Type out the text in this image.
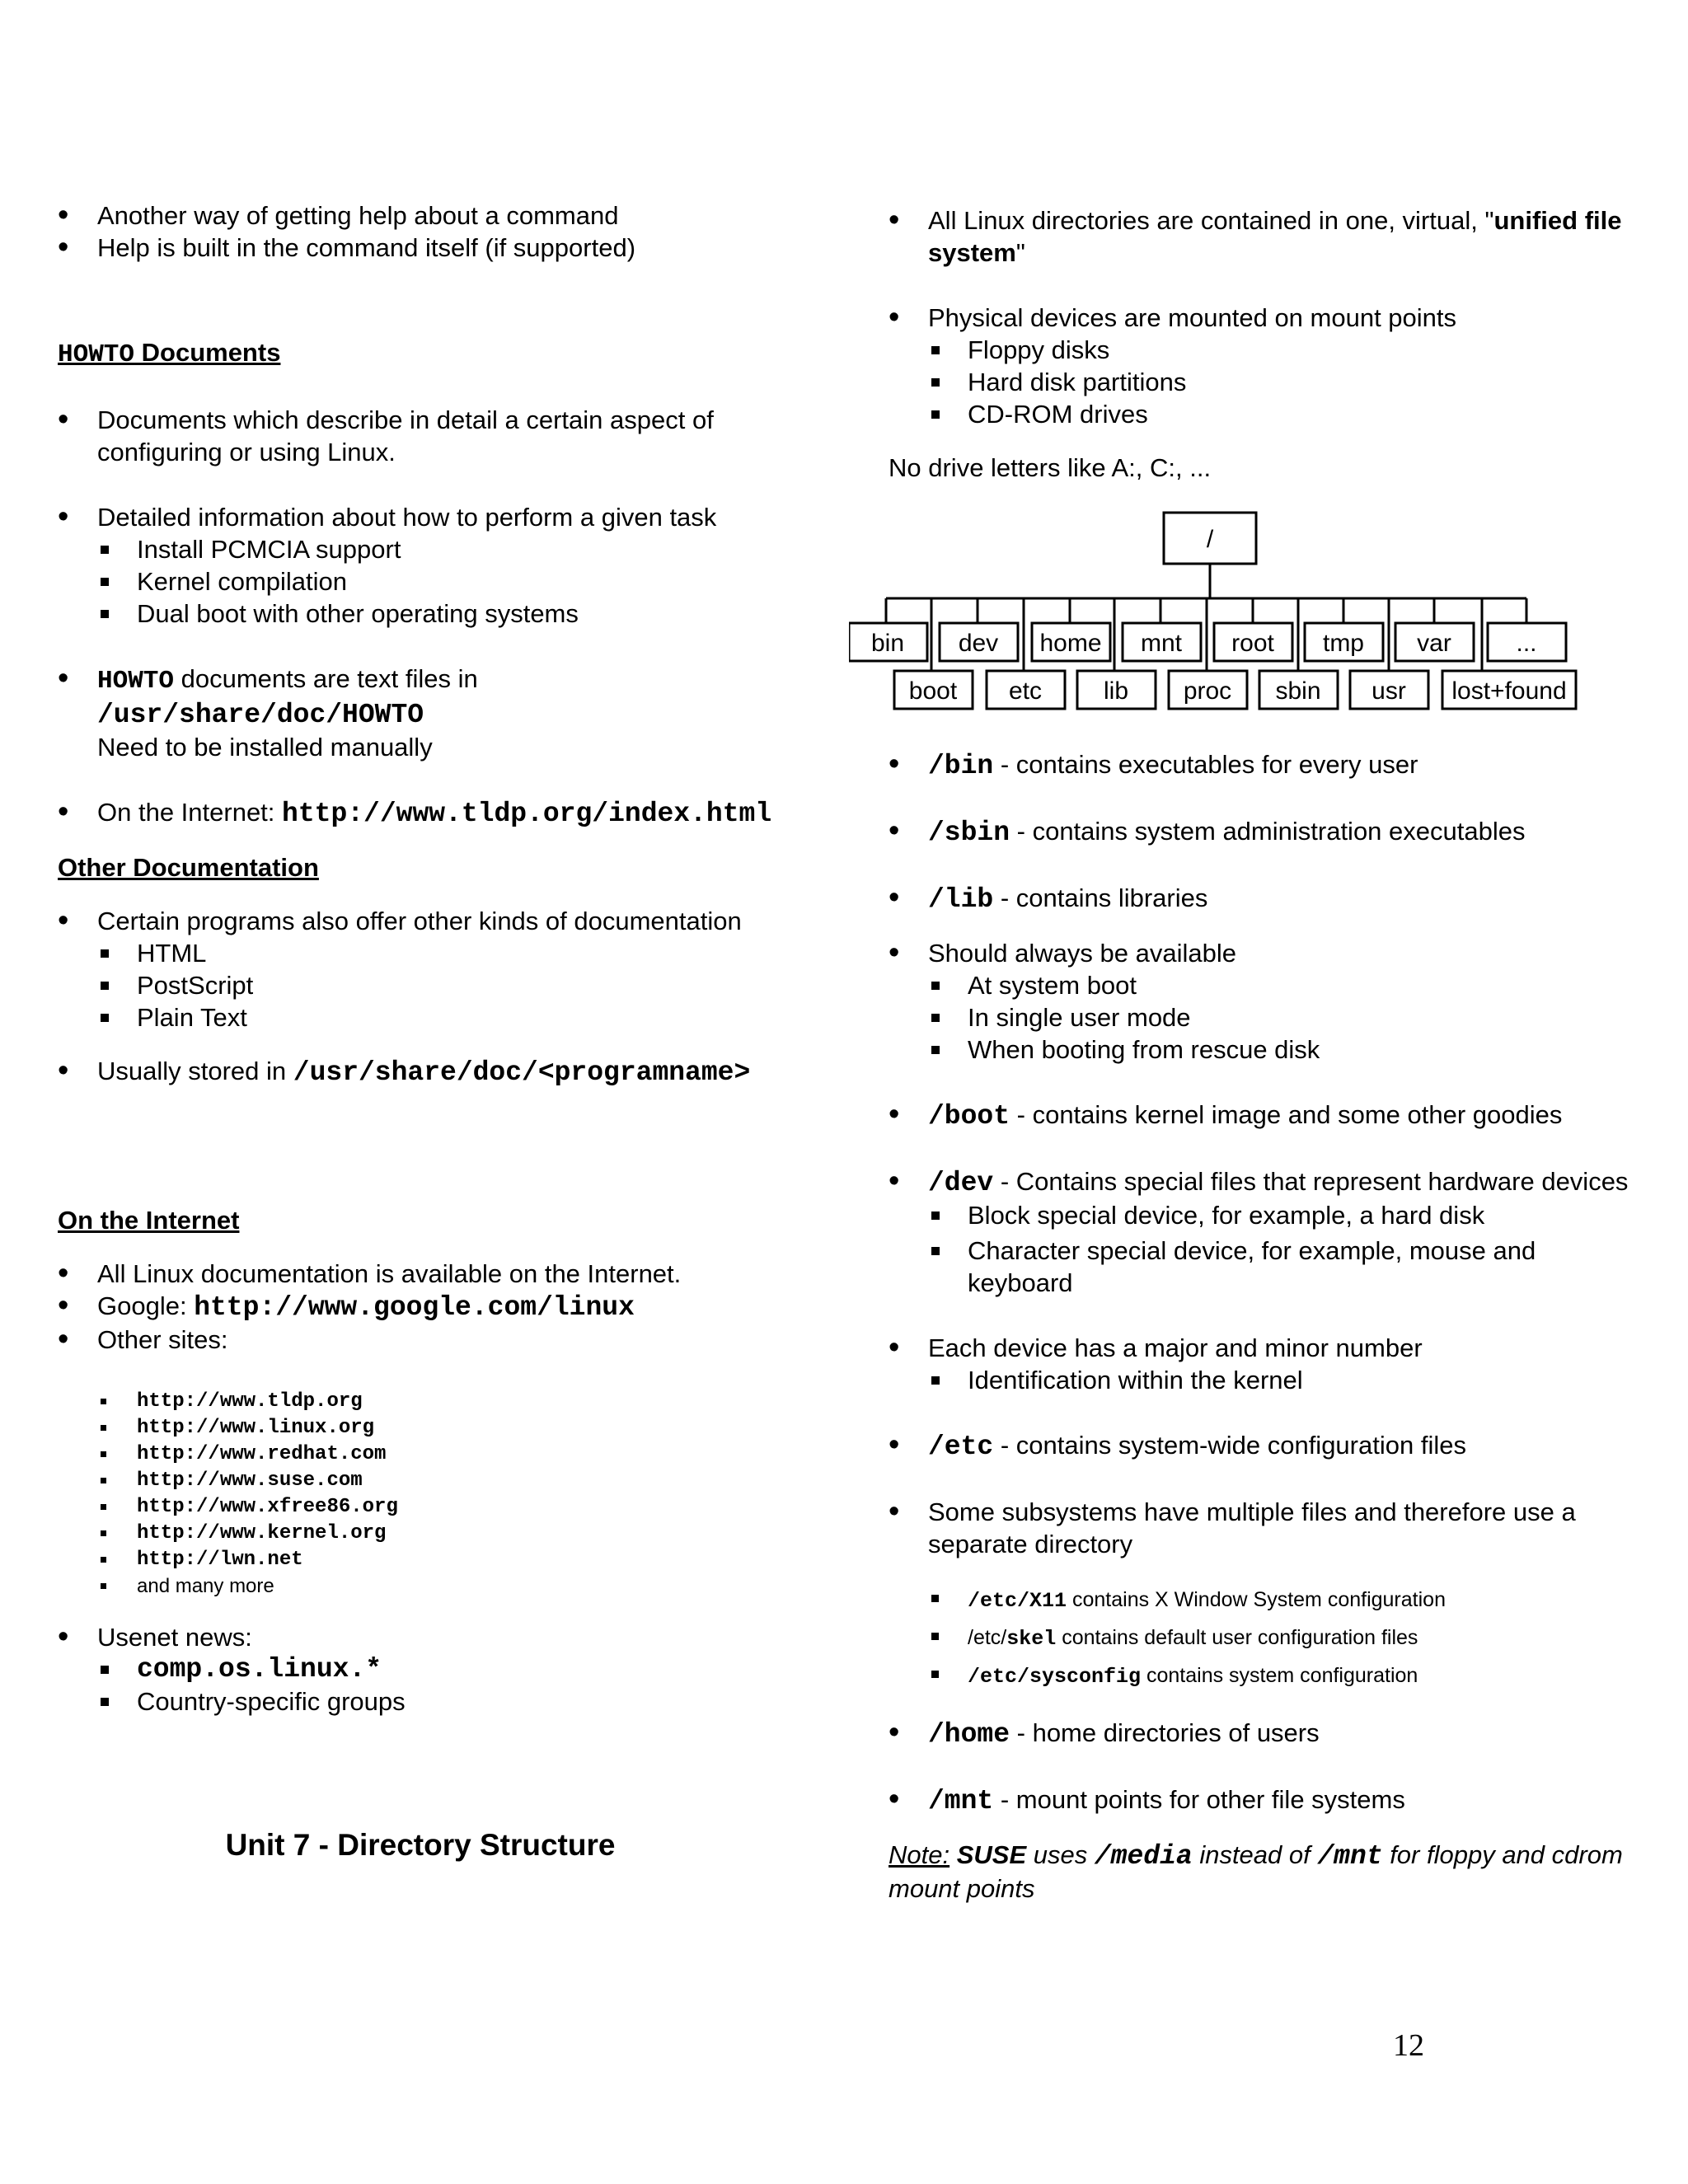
• Another way of getting help about a command
• Help is built in the command itself (if supported)
HOWTO Documents
• Documents which describe in detail a certain aspect of configuring or using Linux.
• Detailed information about how to perform a given task
Install PCMCIA support
Kernel compilation
Dual boot with other operating systems
• HOWTO documents are text files in /usr/share/doc/HOWTO
Need to be installed manually
• On the Internet: http://www.tldp.org/index.html
Other Documentation
• Certain programs also offer other kinds of documentation
HTML
PostScript
Plain Text
• Usually stored in /usr/share/doc/<programname>
On the Internet
• All Linux documentation is available on the Internet.
• Google: http://www.google.com/linux
• Other sites:
http://www.tldp.org
http://www.linux.org
http://www.redhat.com
http://www.suse.com
http://www.xfree86.org
http://www.kernel.org
http://lwn.net
and many more
• Usenet news:
comp.os.linux.*
Country-specific groups
Unit 7 - Directory Structure
• All Linux directories are contained in one, virtual, "unified file system"
• Physical devices are mounted on mount points
Floppy disks
Hard disk partitions
CD-ROM drives
No drive letters like A:, C:, ...
/
bin dev home mnt root tmp var	...
boot etc lib proc sbin usr lost+found
• /bin - contains executables for every user
• /sbin - contains system administration executables
• /lib - contains libraries
• Should always be available
At system boot
In single user mode
When booting from rescue disk
• /boot - contains kernel image and some other goodies
• /dev - Contains special files that represent hardware devices
Block special device, for example, a hard disk
Character special device, for example, mouse and keyboard
• Each device has a major and minor number
Identification within the kernel
• /etc - contains system-wide configuration files
• Some subsystems have multiple files and therefore use a separate directory
/etc/X11 contains X Window System configuration
/etc/skel contains default user configuration files
/etc/sysconfig contains system configuration
• /home - home directories of users
• /mnt - mount points for other file systems
Note: SUSE uses /media instead of /mnt for floppy and cdrom mount points
12
